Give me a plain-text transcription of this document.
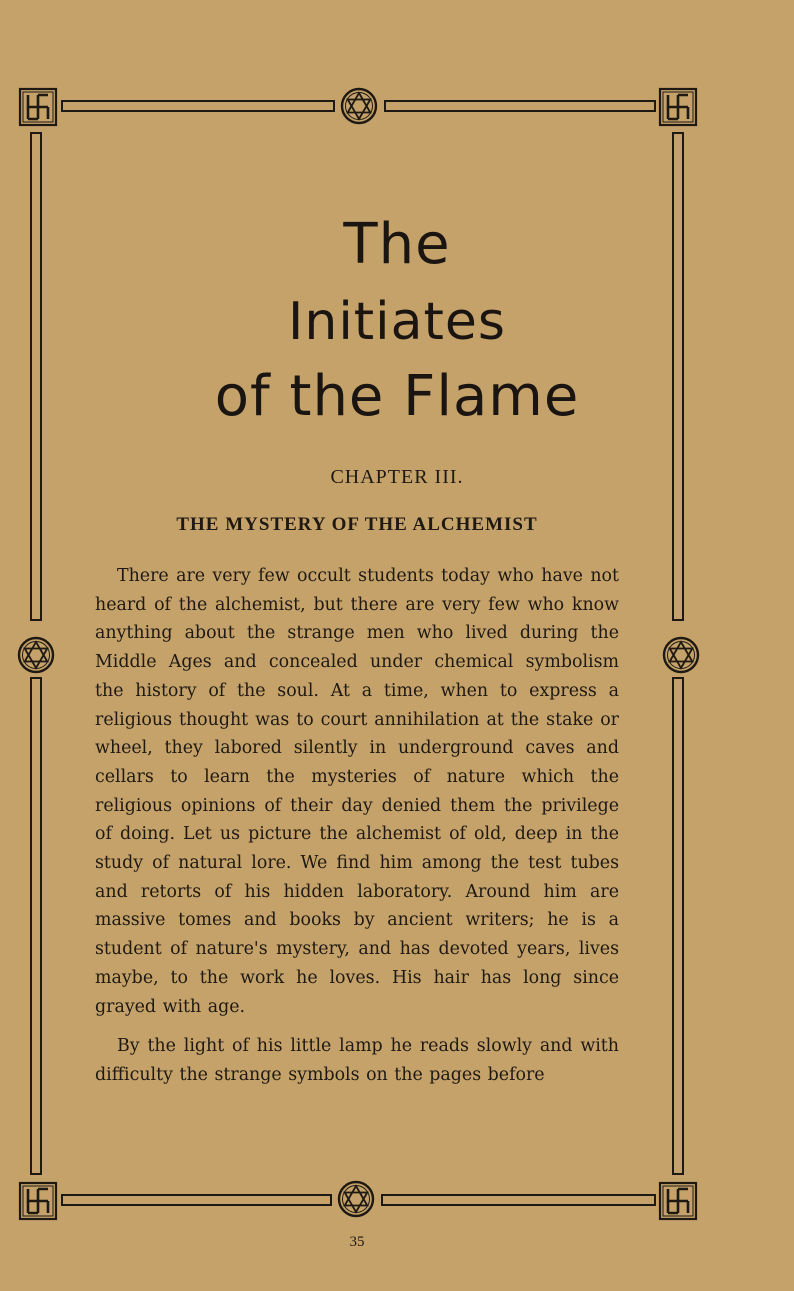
The
Initiates
of the Flame
CHAPTER III.
THE MYSTERY OF THE ALCHEMIST

There are very few occult students today who have not heard of the alchemist, but there are very few who know anything about the strange men who lived during the Middle Ages and concealed under chemical symbolism the history of the soul. At a time, when to express a religious thought was to court annihilation at the stake or wheel, they labored silently in underground caves and cellars to learn the mysteries of nature which the religious opinions of their day denied them the privilege of doing. Let us picture the alchemist of old, deep in the study of natural lore. We find him among the test tubes and retorts of his hidden laboratory. Around him are massive tomes and books by ancient writers; he is a student of nature's mystery, and has devoted years, lives maybe, to the work he loves. His hair has long since grayed with age.

By the light of his little lamp he reads slowly and with difficulty the strange symbols on the pages before

35
